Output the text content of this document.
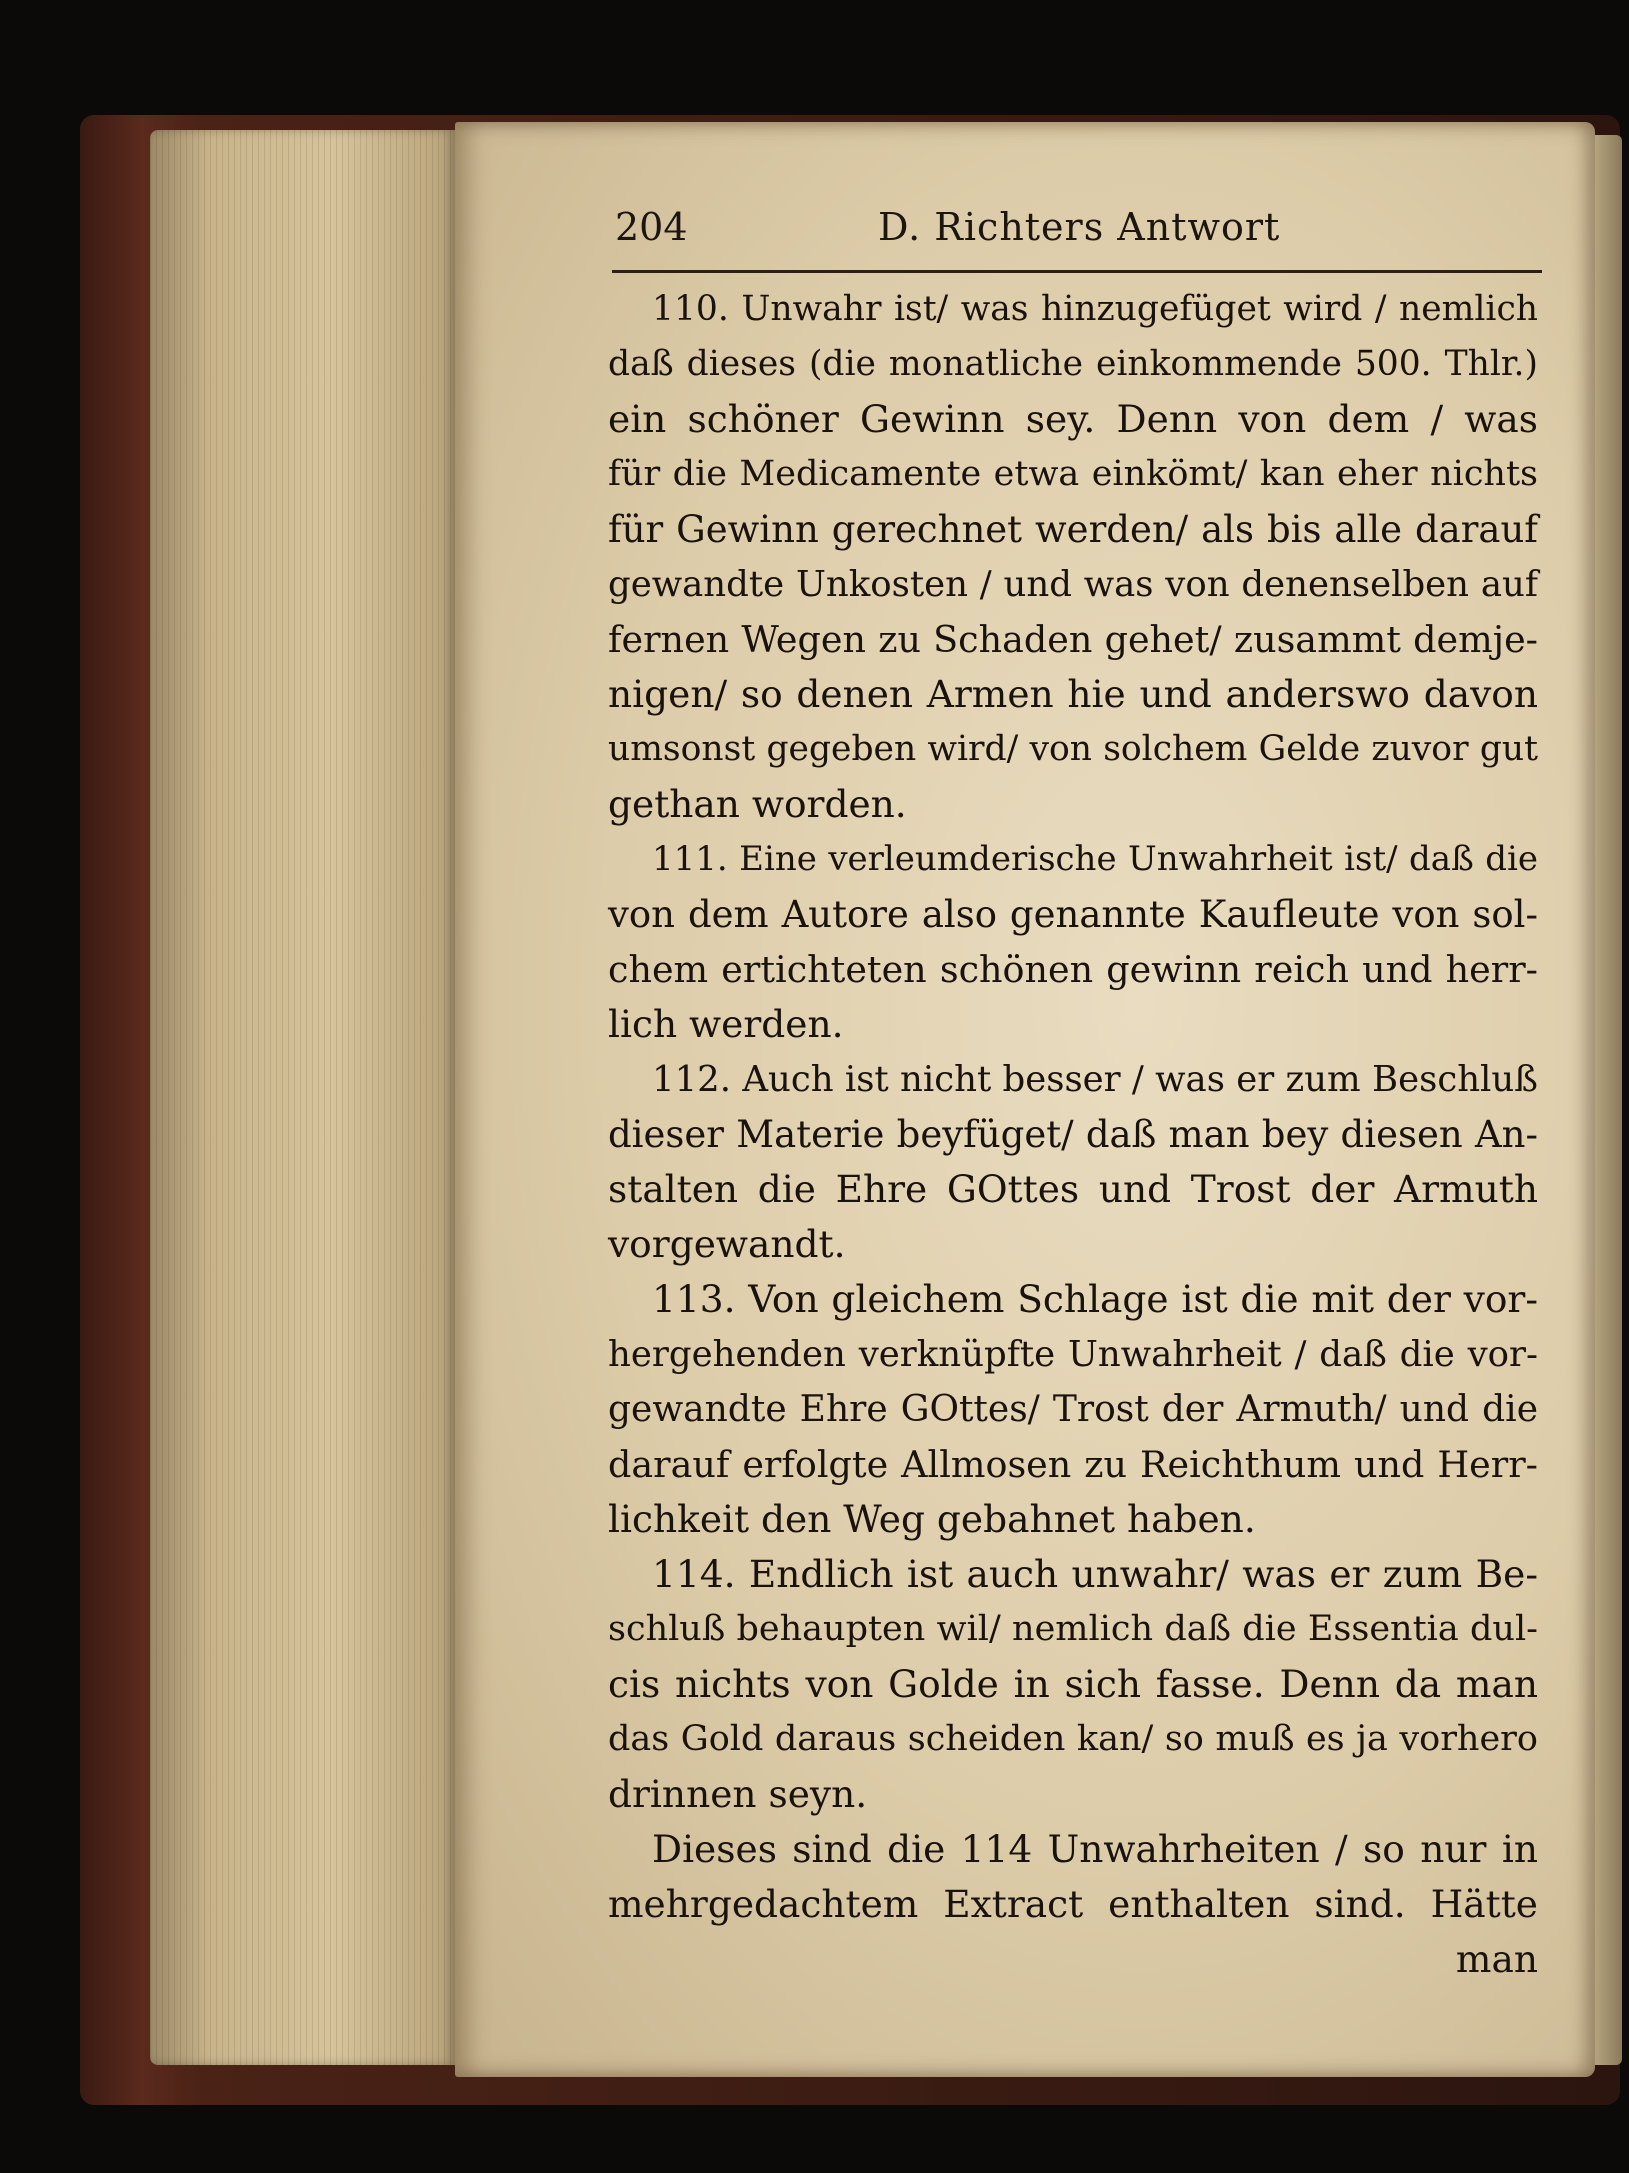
204	D. Richters Antwort
110. Unwahr ist/ was hinzugefüget wird / nemlich
daß dieses (die monatliche einkommende 500. Thlr.)
ein schöner Gewinn sey. Denn von dem / was
für die Medicamente etwa einkömt/ kan eher nichts
für Gewinn gerechnet werden/ als bis alle darauf
gewandte Unkosten / und was von denenselben auf
fernen Wegen zu Schaden gehet/ zusammt demje-
nigen/ so denen Armen hie und anderswo davon
umsonst gegeben wird/ von solchem Gelde zuvor gut
gethan worden.
111. Eine verleumderische Unwahrheit ist/ daß die
von dem Autore also genannte Kaufleute von sol-
chem ertichteten schönen gewinn reich und herr-
lich werden.
112. Auch ist nicht besser / was er zum Beschluß
dieser Materie beyfüget/ daß man bey diesen An-
stalten die Ehre GOttes und Trost der Armuth
vorgewandt.
113. Von gleichem Schlage ist die mit der vor-
hergehenden verknüpfte Unwahrheit / daß die vor-
gewandte Ehre GOttes/ Trost der Armuth/ und die
darauf erfolgte Allmosen zu Reichthum und Herr-
lichkeit den Weg gebahnet haben.
114. Endlich ist auch unwahr/ was er zum Be-
schluß behaupten wil/ nemlich daß die Essentia dul-
cis nichts von Golde in sich fasse. Denn da man
das Gold daraus scheiden kan/ so muß es ja vorhero
drinnen seyn.
Dieses sind die 114 Unwahrheiten / so nur in
mehrgedachtem Extract enthalten sind. Hätte
man
